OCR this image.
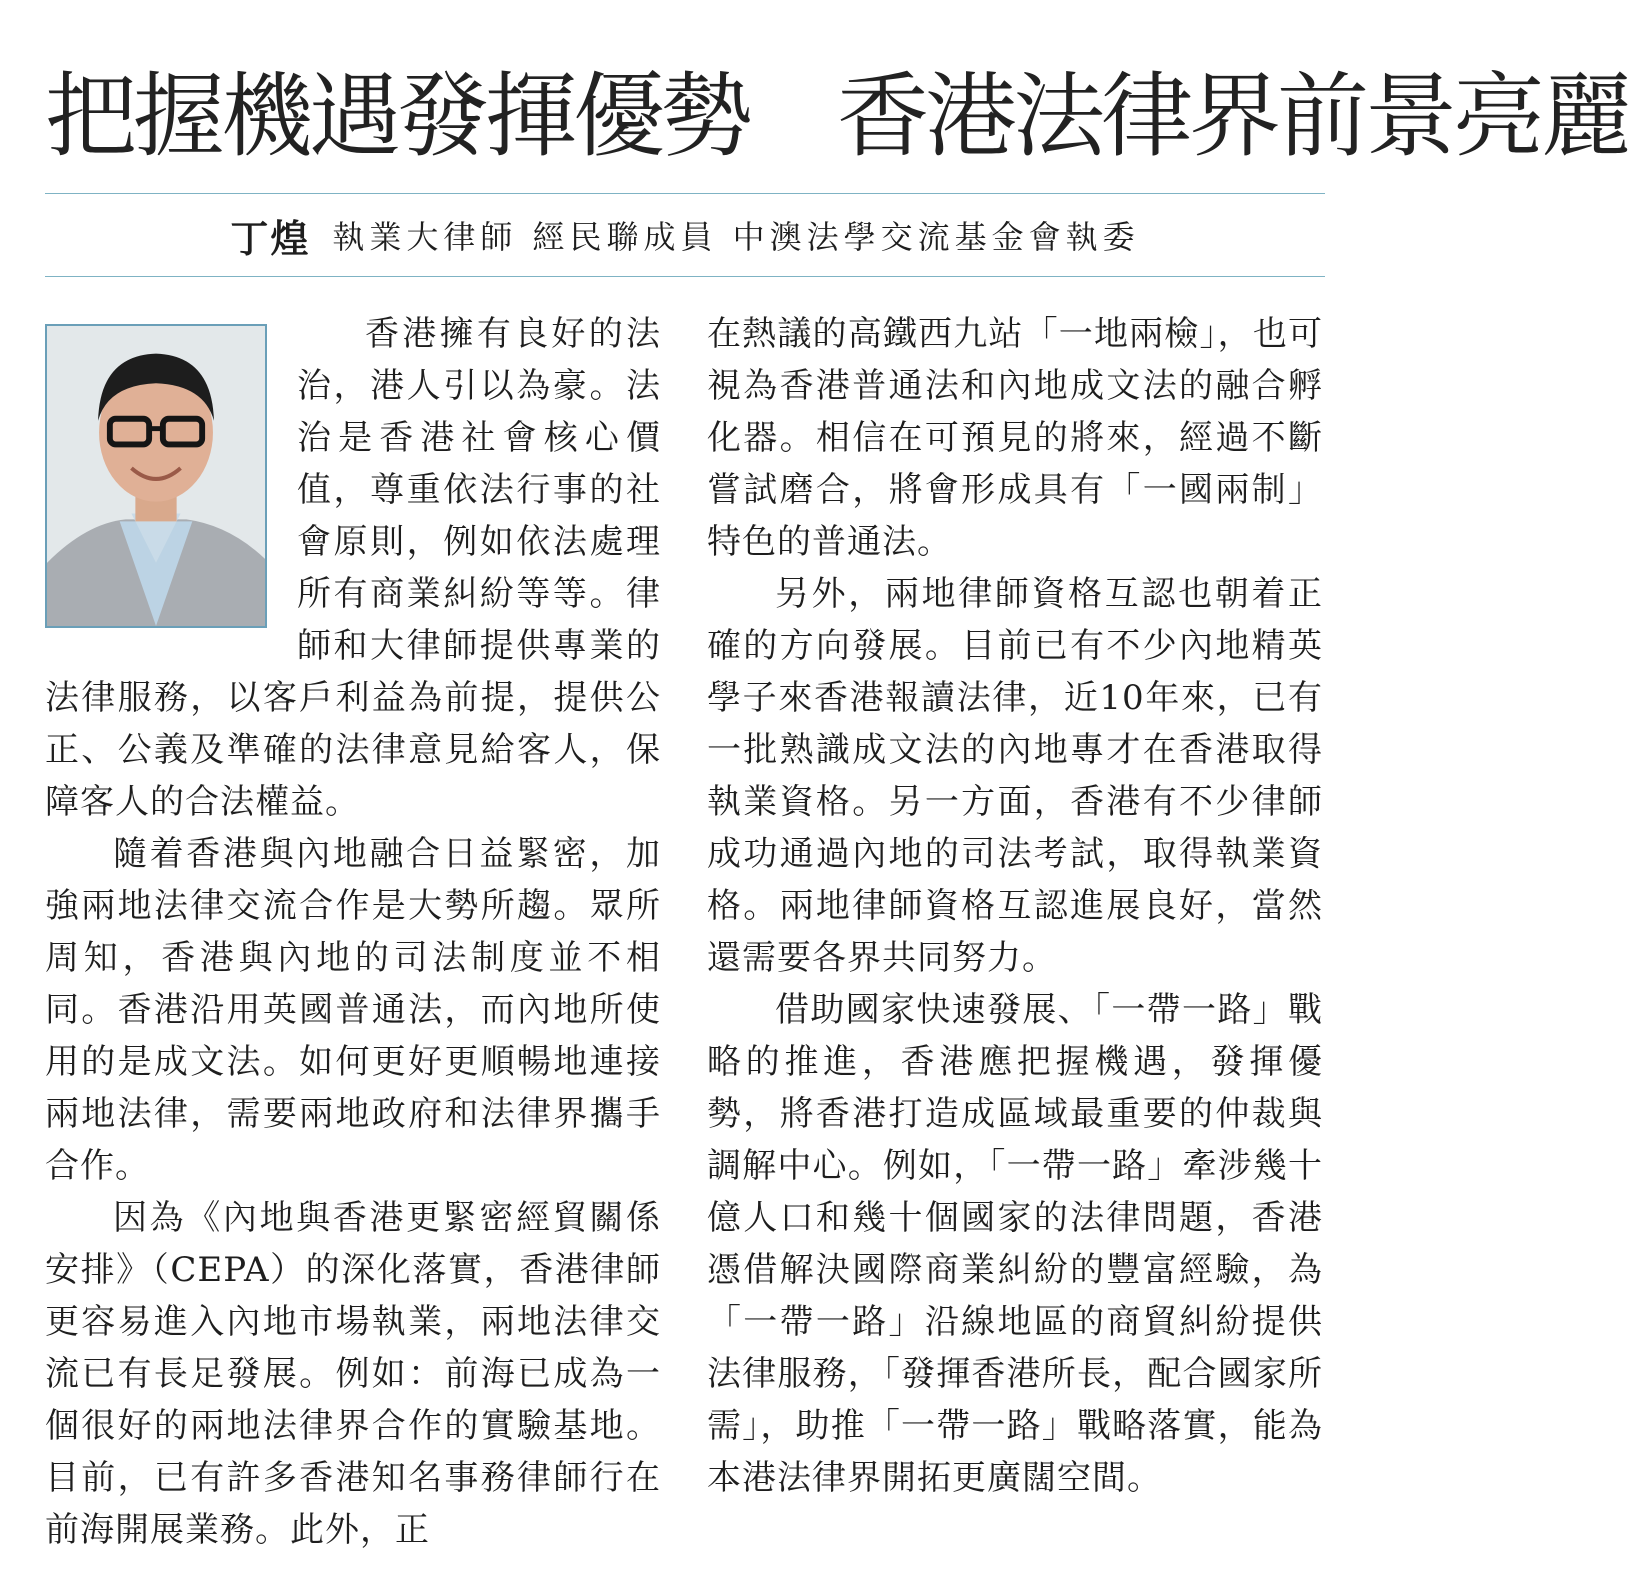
把握機遇發揮優勢　香港法律界前景亮麗
丁煌 執業大律師 經民聯成員 中澳法學交流基金會執委

香港擁有良好的法治，港人引以為豪。法治是香港社會核心價值，尊重依法行事的社會原則，例如依法處理所有商業糾紛等等。律師和大律師提供專業的法律服務，以客戶利益為前提，提供公正、公義及準確的法律意見給客人，保障客人的合法權益。

隨着香港與內地融合日益緊密，加強兩地法律交流合作是大勢所趨。眾所周知，香港與內地的司法制度並不相同。香港沿用英國普通法，而內地所使用的是成文法。如何更好更順暢地連接兩地法律，需要兩地政府和法律界攜手合作。

因為《內地與香港更緊密經貿關係安排》（CEPA）的深化落實，香港律師更容易進入內地市場執業，兩地法律交流已有長足發展。例如：前海已成為一個很好的兩地法律界合作的實驗基地。目前，已有許多香港知名事務律師行在前海開展業務。此外，正

在熱議的高鐵西九站「一地兩檢」，也可視為香港普通法和內地成文法的融合孵化器。相信在可預見的將來，經過不斷嘗試磨合，將會形成具有「一國兩制」特色的普通法。

另外，兩地律師資格互認也朝着正確的方向發展。目前已有不少內地精英學子來香港報讀法律，近10年來，已有一批熟識成文法的內地專才在香港取得執業資格。另一方面，香港有不少律師成功通過內地的司法考試，取得執業資格。兩地律師資格互認進展良好，當然還需要各界共同努力。

借助國家快速發展、「一帶一路」戰略的推進，香港應把握機遇，發揮優勢，將香港打造成區域最重要的仲裁與調解中心。例如，「一帶一路」牽涉幾十億人口和幾十個國家的法律問題，香港憑借解決國際商業糾紛的豐富經驗，為「一帶一路」沿線地區的商貿糾紛提供法律服務，「發揮香港所長，配合國家所需」，助推「一帶一路」戰略落實，能為本港法律界開拓更廣闊空間。
